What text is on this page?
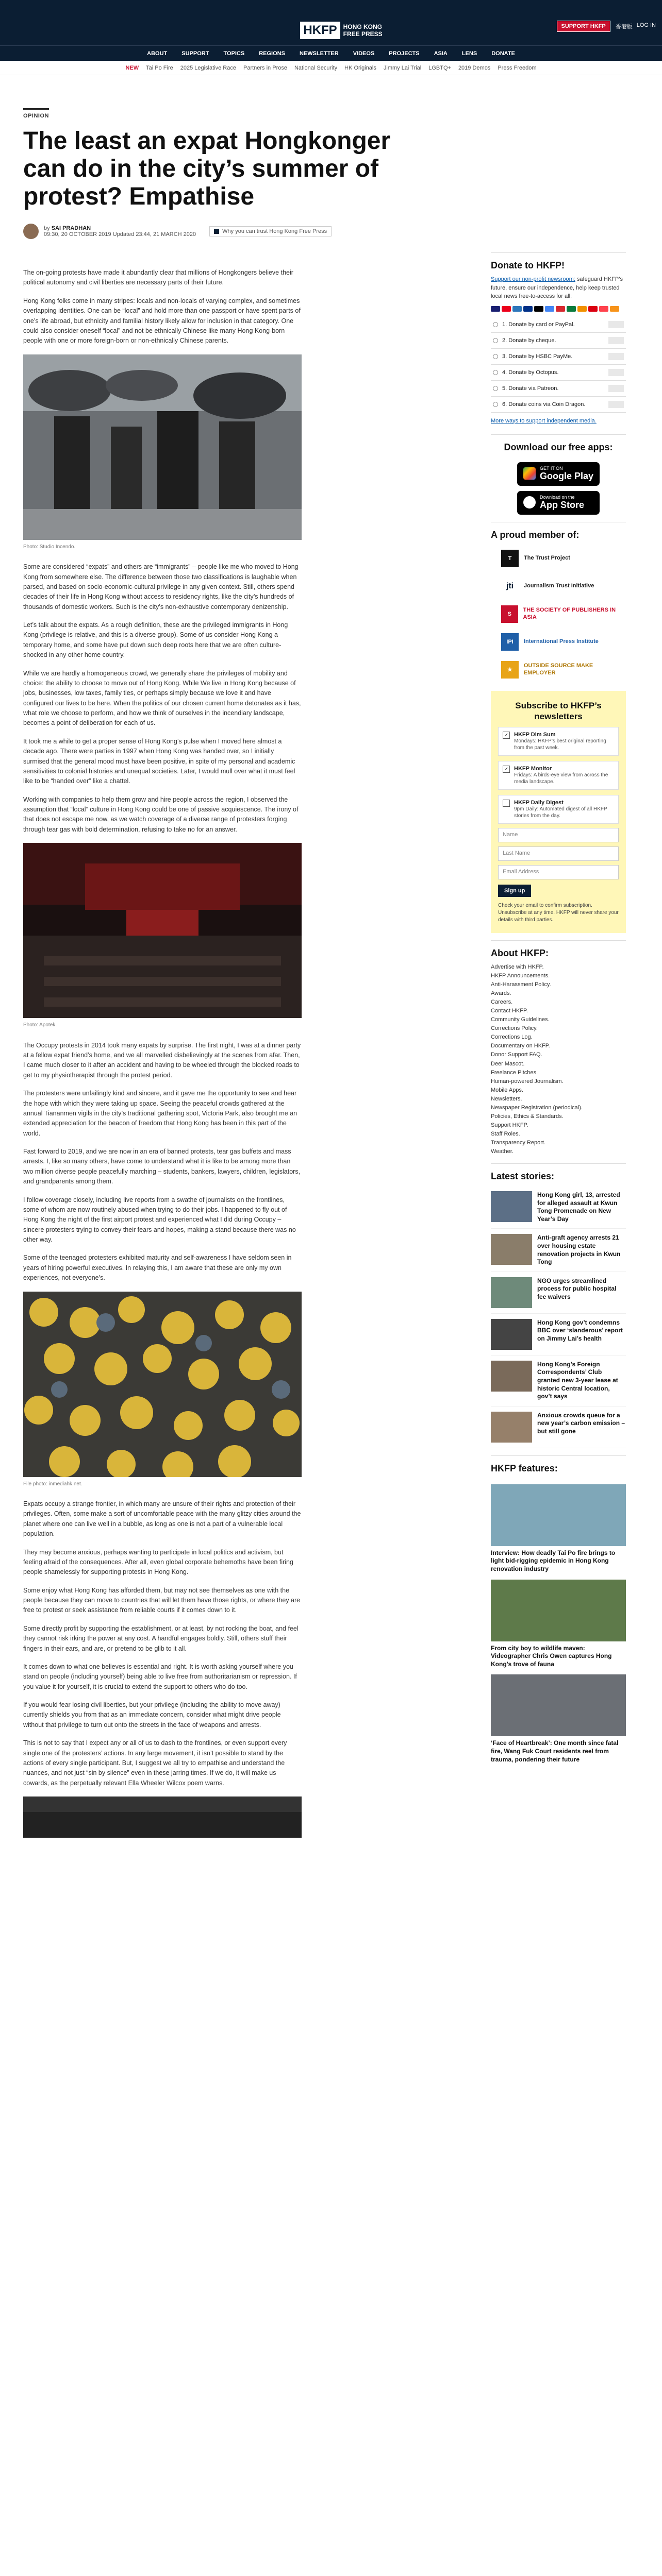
HKFP	HONG KONG
FREE PRESS
SUPPORT HKFP	香港版 LOG IN
ABOUT	SUPPORT	TOPICS	REGIONS	NEWSLETTER	VIDEOS	PROJECTS	ASIA	LENS	DONATE
NEW Tai Po Fire 2025 Legislative Race Partners in Prose National Security HK Originals Jimmy Lai Trial LGBTQ+ 2019 Demos Press Freedom
OPINION
The least an expat Hongkonger can do in the city’s summer of protest? Empathise
by SAI PRADHAN
09:30, 20 OCTOBER 2019 Updated 23:44, 21 MARCH 2020	Why you can trust Hong Kong Free Press

The on-going protests have made it abundantly clear that millions of Hongkongers believe their political autonomy and civil liberties are necessary parts of their future.

Hong Kong folks come in many stripes: locals and non-locals of varying complex, and sometimes overlapping identities. One can be “local” and hold more than one passport or have spent parts of one’s life abroad, but ethnicity and familial history likely allow for inclusion in that category. One could also consider oneself “local” and not be ethnically Chinese like many Hong Kong-born people with one or more foreign-born or non-ethnically Chinese parents.

Photo: Studio Incendo.

Some are considered “expats” and others are “immigrants” – people like me who moved to Hong Kong from somewhere else. The difference between those two classifications is laughable when parsed, and based on socio-economic-cultural privilege in any given context. Still, others spend decades of their life in Hong Kong without access to residency rights, like the city’s hundreds of thousands of domestic workers. Such is the city’s non-exhaustive contemporary denizenship.

Let’s talk about the expats. As a rough definition, these are the privileged immigrants in Hong Kong (privilege is relative, and this is a diverse group). Some of us consider Hong Kong a temporary home, and some have put down such deep roots here that we are often culture-shocked in any other home country.

While we are hardly a homogeneous crowd, we generally share the privileges of mobility and choice: the ability to choose to move out of Hong Kong. While We live in Hong Kong because of jobs, businesses, low taxes, family ties, or perhaps simply because we love it and have configured our lives to be here. When the politics of our chosen current home detonates as it has, what role we choose to perform, and how we think of ourselves in the incendiary landscape, becomes a point of deliberation for each of us.

It took me a while to get a proper sense of Hong Kong’s pulse when I moved here almost a decade ago. There were parties in 1997 when Hong Kong was handed over, so I initially surmised that the general mood must have been positive, in spite of my personal and academic sensitivities to colonial histories and unequal societies. Later, I would mull over what it must feel like to be “handed over” like a chattel.

Working with companies to help them grow and hire people across the region, I observed the assumption that “local” culture in Hong Kong could be one of passive acquiescence. The irony of that does not escape me now, as we watch coverage of a diverse range of protesters forging through tear gas with bold determination, refusing to take no for an answer.

Photo: Apotek.

The Occupy protests in 2014 took many expats by surprise. The first night, I was at a dinner party at a fellow expat friend’s home, and we all marvelled disbelievingly at the scenes from afar. Then, I came much closer to it after an accident and having to be wheeled through the blocked roads to get to my physiotherapist through the protest period.

The protesters were unfailingly kind and sincere, and it gave me the opportunity to see and hear the hope with which they were taking up space. Seeing the peaceful crowds gathered at the annual Tiananmen vigils in the city’s traditional gathering spot, Victoria Park, also brought me an extended appreciation for the beacon of freedom that Hong Kong has been in this part of the world.

Fast forward to 2019, and we are now in an era of banned protests, tear gas buffets and mass arrests. I, like so many others, have come to understand what it is like to be among more than two million diverse people peacefully marching – students, bankers, lawyers, children, legislators, and grandparents among them.

I follow coverage closely, including live reports from a swathe of journalists on the frontlines, some of whom are now routinely abused when trying to do their jobs. I happened to fly out of Hong Kong the night of the first airport protest and experienced what I did during Occupy – sincere protesters trying to convey their fears and hopes, making a stand because there was no other way.

Some of the teenaged protesters exhibited maturity and self-awareness I have seldom seen in years of hiring powerful executives. In relaying this, I am aware that these are only my own experiences, not everyone’s.

File photo: inmediahk.net.

Expats occupy a strange frontier, in which many are unsure of their rights and protection of their privileges. Often, some make a sort of uncomfortable peace with the many glitzy cities around the planet where one can live well in a bubble, as long as one is not a part of a vulnerable local population.

They may become anxious, perhaps wanting to participate in local politics and activism, but feeling afraid of the consequences. After all, even global corporate behemoths have been firing people shamelessly for supporting protests in Hong Kong.

Some enjoy what Hong Kong has afforded them, but may not see themselves as one with the people because they can move to countries that will let them have those rights, or where they are free to protest or seek assistance from reliable courts if it comes down to it.

Some directly profit by supporting the establishment, or at least, by not rocking the boat, and feel they cannot risk irking the power at any cost. A handful engages boldly. Still, others stuff their fingers in their ears, and are, or pretend to be glib to it all.

It comes down to what one believes is essential and right. It is worth asking yourself where you stand on people (including yourself) being able to live free from authoritarianism or repression. If you value it for yourself, it is crucial to extend the support to others who do too.

If you would fear losing civil liberties, but your privilege (including the ability to move away) currently shields you from that as an immediate concern, consider what might drive people without that privilege to turn out onto the streets in the face of weapons and arrests.

This is not to say that I expect any or all of us to dash to the frontlines, or even support every single one of the protesters’ actions. In any large movement, it isn’t possible to stand by the actions of every single participant. But, I suggest we all try to empathise and understand the nuances, and not just “sin by silence” even in these jarring times. If we do, it will make us cowards, as the perpetually relevant Ella Wheeler Wilcox poem warns.

Donate to HKFP!
Support our non-profit newsroom; safeguard HKFP’s future, ensure our independence, help keep trusted local news free-to-access for all:
1. Donate by card or PayPal.
2. Donate by cheque.
3. Donate by HSBC PayMe.
4. Donate by Octopus.
5. Donate via Patreon.
6. Donate coins via Coin Dragon.
More ways to support independent media.
Download our free apps:
GET IT ON
Google Play
Download on the
App Store
A proud member of:
T	The Trust Project
jti	Journalism Trust Initiative
S
THE SOCIETY OF PUBLISHERS IN ASIA
IPI	International Press Institute
★
OUTSIDE SOURCE MAKE EMPLOYER
Subscribe to HKFP’s newsletters
✓ HKFP Dim Sum
Mondays: HKFP’s best original reporting from the past week.
✓ HKFP Monitor
Fridays: A birds-eye view from across the media landscape.
HKFP Daily Digest
9pm Daily: Automated digest of all HKFP stories from the day.
Name
Last Name
Email Address
Sign up
Check your email to confirm subscription. Unsubscribe at any time. HKFP will never share your details with third parties.
About HKFP:
Advertise with HKFP.
HKFP Announcements.
Anti-Harassment Policy.
Awards.
Careers.
Contact HKFP.
Community Guidelines.
Corrections Policy.
Corrections Log.
Documentary on HKFP.
Donor Support FAQ.
Deer Mascot.
Freelance Pitches.
Human-powered Journalism.
Mobile Apps.
Newsletters.
Newspaper Registration (periodical).
Policies, Ethics & Standards.
Support HKFP.
Staff Roles.
Transparency Report.
Weather.
Latest stories:
Hong Kong girl, 13, arrested for alleged assault at Kwun Tong Promenade on New Year’s Day
Anti-graft agency arrests 21 over housing estate renovation projects in Kwun Tong
NGO urges streamlined process for public hospital fee waivers
Hong Kong gov’t condemns BBC over ‘slanderous’ report on Jimmy Lai’s health
Hong Kong’s Foreign Correspondents’ Club granted new 3-year lease at historic Central location, gov’t says
Anxious crowds queue for a new year’s carbon emission – but still gone
HKFP features:
Interview: How deadly Tai Po fire brings to light bid-rigging epidemic in Hong Kong renovation industry
From city boy to wildlife maven: Videographer Chris Owen captures Hong Kong’s trove of fauna
‘Face of Heartbreak’: One month since fatal fire, Wang Fuk Court residents reel from trauma, pondering their future
